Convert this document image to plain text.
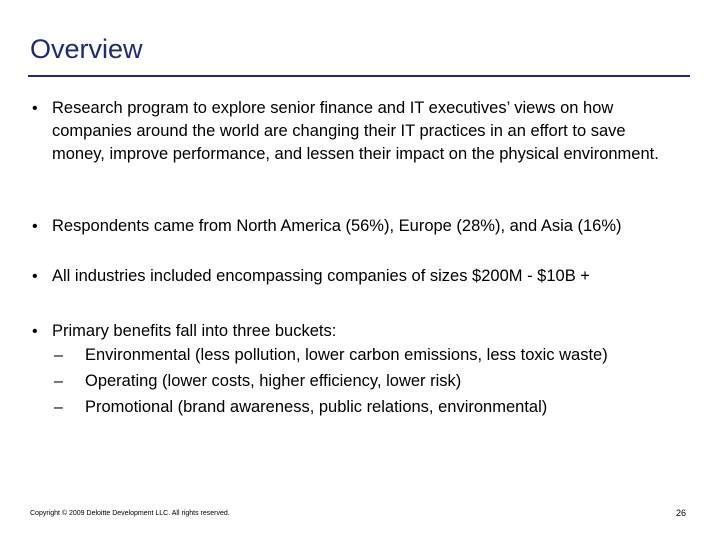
Overview
• Research program to explore senior finance and IT executives’ views on how companies around the world are changing their IT practices in an effort to save money, improve performance, and lessen their impact on the physical environment.
• Respondents came from North America (56%), Europe (28%), and Asia (16%)
• All industries included encompassing companies of sizes $200M - $10B +
• Primary benefits fall into three buckets:
– Environmental (less pollution, lower carbon emissions, less toxic waste)
– Operating (lower costs, higher efficiency, lower risk)
– Promotional (brand awareness, public relations, environmental)
Copyright © 2009 Deloitte Development LLC. All rights reserved.	26
